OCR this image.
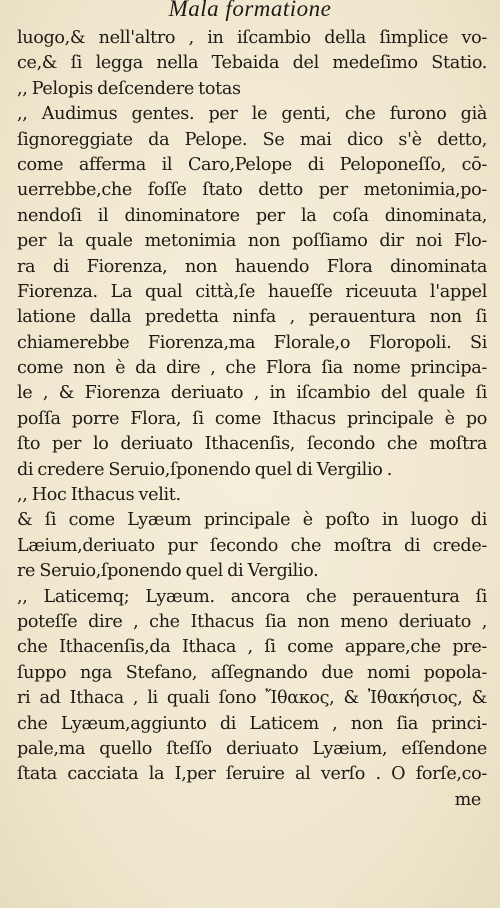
Mala formatione
luogo,& nell'altro , in iſcambio della ſimplice vo-
ce,& ſi legga nella Tebaida del medeſimo Statio.
,, Pelopis deſcendere totas
,, Audimus gentes. per le genti, che furono già
ſignoreggiate da Pelope. Se mai dico s'è detto,
come afferma il Caro,Pelope di Peloponeſſo, cō-
uerrebbe,che foſſe ſtato detto per metonimia,po-
nendoſi il dinominatore per la coſa dinominata,
per la quale metonimia non poſſiamo dir noi Flo-
ra di Fiorenza, non hauendo Flora dinominata
Fiorenza. La qual città,ſe haueſſe riceuuta l'appel
latione dalla predetta ninfa , perauentura non ſi
chiamerebbe Fiorenza,ma Florale,o Floropoli. Si
come non è da dire , che Flora ſia nome principa-
le , & Fiorenza deriuato , in iſcambio del quale ſi
poſſa porre Flora, ſi come Ithacus principale è po
ſto per lo deriuato Ithacenſis, ſecondo che moſtra
di credere Seruio,ſponendo quel di Vergilio .
,, Hoc Ithacus velit.
& ſi come Lyæum principale è poſto in luogo di
Læium,deriuato pur ſecondo che moſtra di crede-
re Seruio,ſponendo quel di Vergilio.
,, Laticemq; Lyæum. ancora che perauentura ſi
poteſſe dire , che Ithacus ſia non meno deriuato ,
che Ithacenſis,da Ithaca , ſi come appare,che pre-
ſuppo nga Stefano, aſſegnando due nomi popola-
ri ad Ithaca , li quali ſono Ἴθακος, & Ἰθακήσιος, &
che Lyæum,aggiunto di Laticem , non ſia princi-
pale,ma quello ſteſſo deriuato Lyæium, eſſendone
ſtata cacciata la I,per ſeruire al verſo . O forſe,co-
me
